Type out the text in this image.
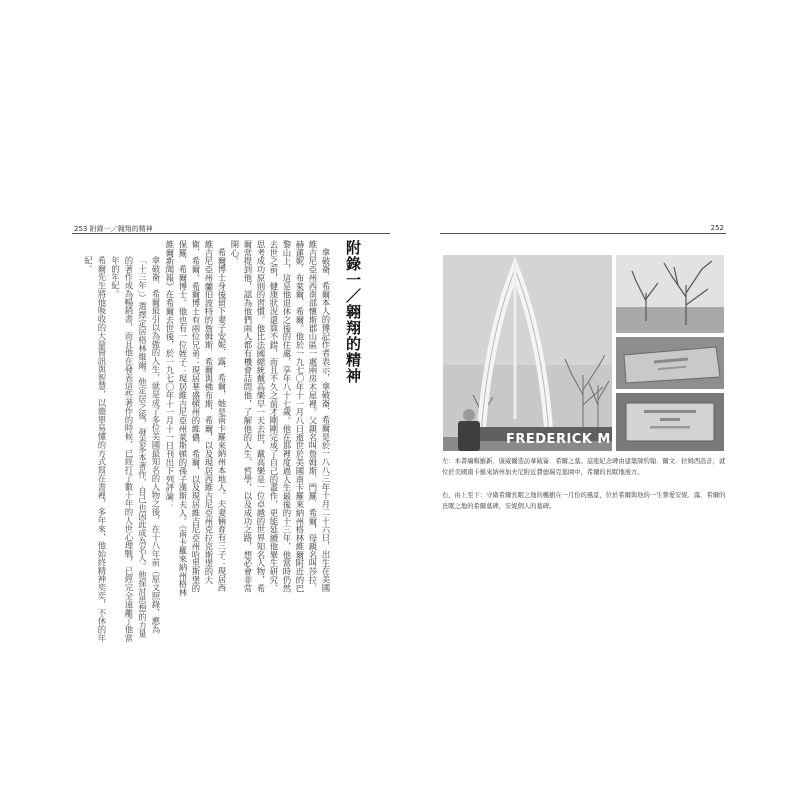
253 附錄一／翱翔的精神
附錄一／翱翔的精神

拿破崙．希爾本人的傳記作者表示，拿破崙．希爾是於一八八三年十月二十六日，出生在美國維吉尼亞州西南部懷斯郡山區一處兩房木屋裡。父親名叫詹姆斯．門羅．希爾，母親名叫莎拉．赫蓮妮．布萊爾．希爾。他於一九七〇年十一月八日逝世於美國南卡羅來納州格林維爾附近的巴黎山上，這是他退休之後的住處，享年八十七歲。他在那裡度過人生最後的十三年，他當時仍然去世之前，健康狀況還算不錯，而且不久之前才剛剛完成了自己的畫作，更能延續他畢生研究、思考成功原則的習慣。他比法國總統戴高樂早一天去世，戴高樂是一位卓越的世界知名人物，希爾常提到他，認為他們兩人都有機會詰問他，了解他的人生、哲學，以及成功之路，想必會非常開心。

希爾博士身後留下妻子安妮．露．希爾，她是南卡羅來納州本地人。夫妻倆育有三子：現居西維吉尼亞州蘭伯波特的詹姆斯．希爾與佛布斯．希爾，以及現居西維吉尼亞州克拉克斯堡的大衛．希爾。希爾博士有兩位兄弟：現居華盛頓州的維儂．希爾，以及現居維吉尼亞州哈里斯堡的保羅．希爾博士。他也有一位姪子：現居維吉尼亞州萊斯頓的孫子漢斯夫人。《南卡羅來納州格林維爾新聞報》在希爾去世後，於一九七〇年十一月十一日刊出下列評論：

拿破崙．希爾最引以為傲的人生，就是成了多位美國最知名的人物之後，在十八年前（原文照錄，應為「十三年」）選擇定居格林維爾。他定居之後，發表多本著作，自己也因此成為名人。他探討思想的力量的著作成為暢銷書，而且他在發表這些著作的時候，已經打了數十年的人世心理戰，已經完全遠離了他當年的年紀。

希爾先生將他吸收的大量資訊與智慧，以簡單易懂的方式寫在書裡，多年來，他始終精神奕奕，不休的年紀。

252
FREDERICK M

左：本書編輯羅新．康威爾造訪拿破崙．希爾之墓。這座紀念碑由建築師約翰．爾文．拉姆西設計，就位於美國南卡羅來納州加夫尼附近費德瑞克墓園中，希爾的長眠地後方。

右，由上至下：守衛希爾長眠之地的楓樹在一月份的風景，位於希爾與他的一生摯愛安妮．露．希爾的長眠之地的希爾墓碑，安妮個人的墓碑。
